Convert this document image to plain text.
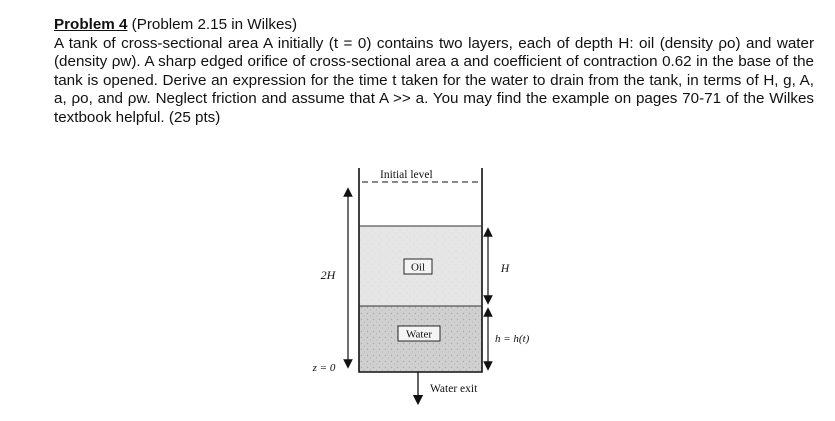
Problem 4 (Problem 2.15 in Wilkes)
A tank of cross-sectional area A initially (t = 0) contains two layers, each of depth H: oil (density ρo) and water (density ρw). A sharp edged orifice of cross-sectional area a and coefficient of contraction 0.62 in the base of the tank is opened. Derive an expression for the time t taken for the water to drain from the tank, in terms of H, g, A, a, ρo, and ρw. Neglect friction and assume that A >> a. You may find the example on pages 70-71 of the Wilkes textbook helpful. (25 pts)
Initial level
Oil
Water
2H
z = 0
H
h = h(t)
Water exit
